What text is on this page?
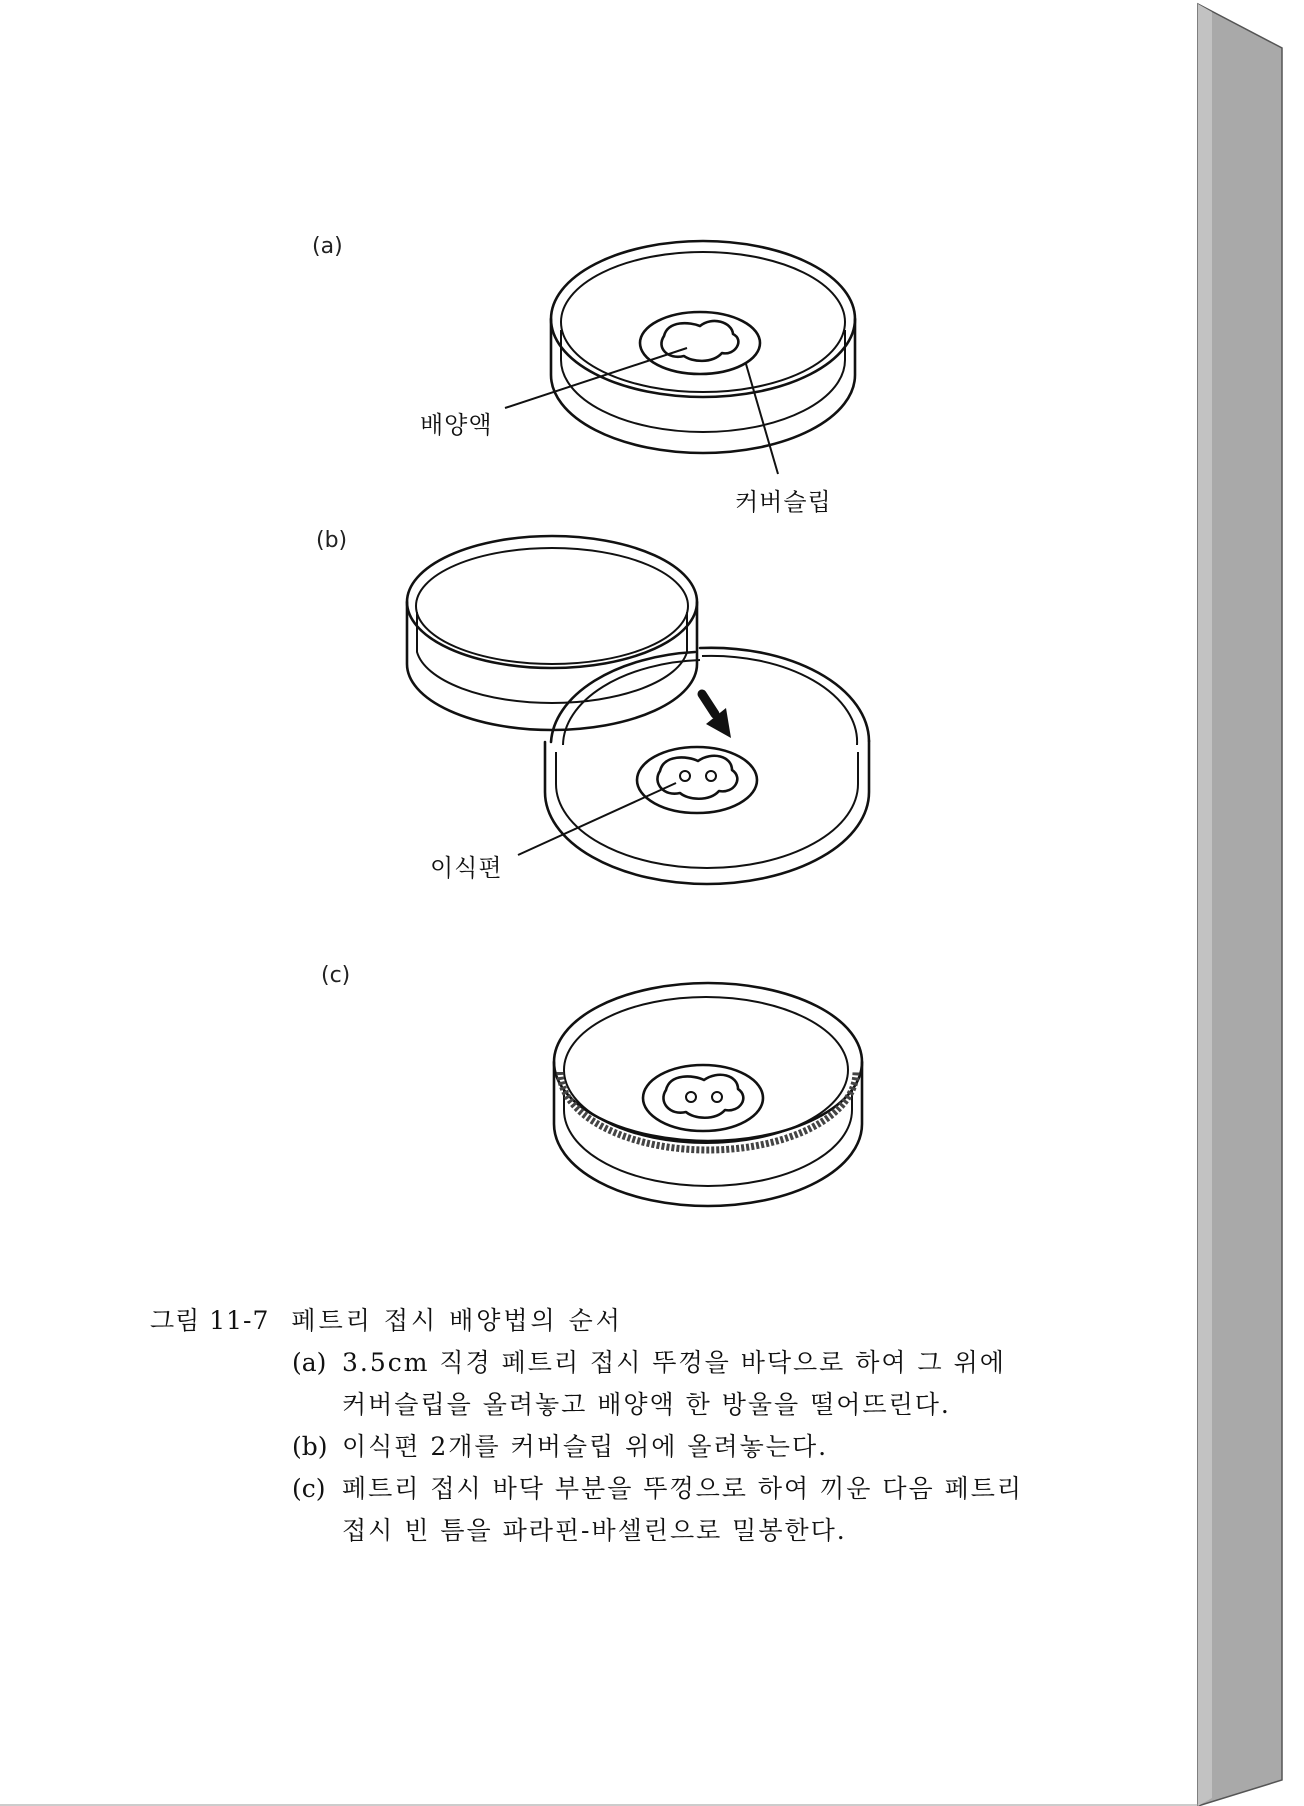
(a)
(b)
(c)
배양액
커버슬립
이식편
그림 11-7 페트리 접시 배양법의 순서
(a) 3.5cm 직경 페트리 접시 뚜껑을 바닥으로 하여 그 위에
커버슬립을 올려놓고 배양액 한 방울을 떨어뜨린다.
(b) 이식편 2개를 커버슬립 위에 올려놓는다.
(c) 페트리 접시 바닥 부분을 뚜껑으로 하여 끼운 다음 페트리
접시 빈 틈을 파라핀-바셀린으로 밀봉한다.
